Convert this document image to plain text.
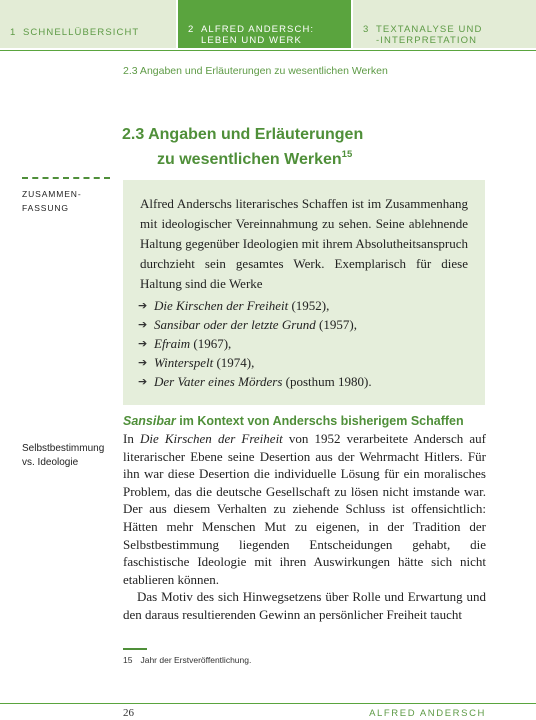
1 SCHNELLÜBERSICHT	2 ALFRED ANDERSCH:
LEBEN UND WERK
3 TEXTANALYSE UND
-INTERPRETATION
2.3 Angaben und Erläuterungen zu wesentlichen Werken
2.3 Angaben und Erläuterungen
zu wesentlichen Werken$^{15}$
ZUSAMMEN-
FASSUNG	Alfred Anderschs literarisches Schaffen ist im Zusammenhang mit ideologischer Vereinnahmung zu sehen. Seine ablehnende Haltung gegenüber Ideologien mit ihrem Absolutheitsanspruch durchzieht sein gesamtes Werk. Exemplarisch für diese Haltung sind die Werke
➔ Die Kirschen der Freiheit (1952),
➔ Sansibar oder der letzte Grund (1957),
➔ Efraim (1967),
➔ Winterspelt (1974),
➔ Der Vater eines Mörders (posthum 1980).
Sansibar im Kontext von Anderschs bisherigem Schaffen
Selbstbestimmung
vs. Ideologie

In Die Kirschen der Freiheit von 1952 verarbeitete Andersch auf literarischer Ebene seine Desertion aus der Wehrmacht Hitlers. Für ihn war diese Desertion die individuelle Lösung für ein moralisches Problem, das die deutsche Gesellschaft zu lösen nicht imstande war. Der aus diesem Verhalten zu ziehende Schluss ist offensichtlich: Hätten mehr Menschen Mut zu eigenen, in der Tradition der Selbstbestimmung liegenden Entscheidungen gehabt, die faschistische Ideologie mit ihren Auswirkungen hätte sich nicht etablieren können.

Das Motiv des sich Hinwegsetzens über Rolle und Erwartung und den daraus resultierenden Gewinn an persönlicher Freiheit taucht

15 Jahr der Erstveröffentlichung.
26	ALFRED ANDERSCH
